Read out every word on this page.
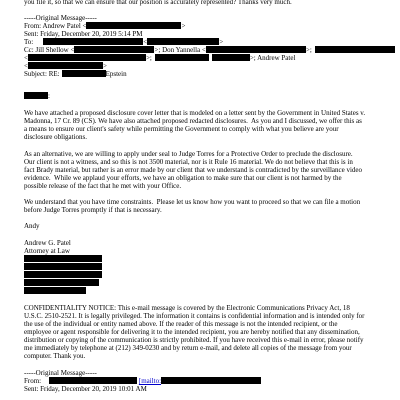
you file it, so that we can ensure that our position is accurately represented? Thanks very much.
-----Original Message-----
From: Andrew Patel <	>
Sent: Friday, December 20, 2019 5:14 PM
To:	<	>
Cc: Jill Shellow <	>; Don Yannella <	>;
<	>;	>; Andrew Patel
<	>
Subject: RE:	Epstein
:
We have attached a proposed disclosure cover letter that is modeled on a letter sent by the Government in United States v.
Madonna, 17 Cr. 89 (CS). We have also attached proposed redacted disclosures.  As you and I discussed, we offer this as
a means to ensure our client's safety while permitting the Government to comply with what you believe are your
disclosure obligations.
As an alternative, we are willing to apply under seal to Judge Torres for a Protective Order to preclude the disclosure.
Our client is not a witness, and so this is not 3500 material, nor is it Rule 16 material. We do not believe that this is in
fact Brady material, but rather is an error made by our client that we understand is contradicted by the surveillance video
evidence.  While we applaud your efforts, we have an obligation to make sure that our client is not harmed by the
possible release of the fact that he met with your Office.
We understand that you have time constraints.  Please let us know how you want to proceed so that we can file a motion
before Judge Torres promptly if that is necessary.
Andy
Andrew G. Patel
Attorney at Law
CONFIDENTIALITY NOTICE: This e-mail message is covered by the Electronic Communications Privacy Act, 18
U.S.C. 2510-2521. It is legally privileged. The information it contains is confidential information and is intended only for
the use of the individual or entity named above. If the reader of this message is not the intended recipient, or the
employee or agent responsible for delivering it to the intended recipient, you are hereby notified that any dissemination,
distribution or copying of the communication is strictly prohibited. If you have received this e-mail in error, please notify
me immediately by telephone at (212) 349-0230 and by return e-mail, and delete all copies of the message from your
computer. Thank you.
-----Original Message-----
From:	[mailto:
Sent: Friday, December 20, 2019 10:01 AM
